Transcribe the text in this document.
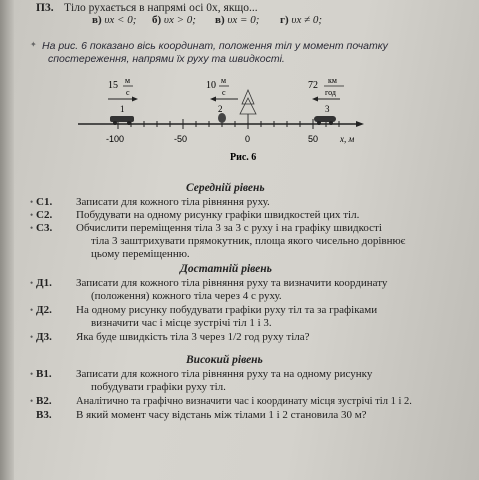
П3. Тіло рухається в напрямі осі 0х, якщо...
в) υx < 0; б) υx > 0; в) υx = 0; г) υx ≠ 0;
✦ На рис. 6 показано вісь координат, положення тіл у момент початку
спостереження, напрями їх руху та швидкості.
-100	-50	0	50 x, м
15 м
с
1
10 м
с
2
72 км
год
3
Рис. 6
Середній рівень
• С1. Записати для кожного тіла рівняння руху.
• С2. Побудувати на одному рисунку графіки швидкостей цих тіл.
• С3. Обчислити переміщення тіла 3 за 3 с руху і на графіку швидкості
тіла 3 заштрихувати прямокутник, площа якого чисельно дорівнює
цьому переміщенню.
Достатній рівень
• Д1. Записати для кожного тіла рівняння руху та визначити координату
(положення) кожного тіла через 4 с руху.
• Д2. На одному рисунку побудувати графіки руху тіл та за графіками
визначити час і місце зустрічі тіл 1 і 3.
• Д3. Яка буде швидкість тіла 3 через 1/2 год руху тіла?
Високий рівень
• В1. Записати для кожного тіла рівняння руху та на одному рисунку
побудувати графіки руху тіл.
• В2. Аналітично та графічно визначити час і координату місця зустрічі тіл 1 і 2.
В3. В який момент часу відстань між тілами 1 і 2 становила 30 м?
